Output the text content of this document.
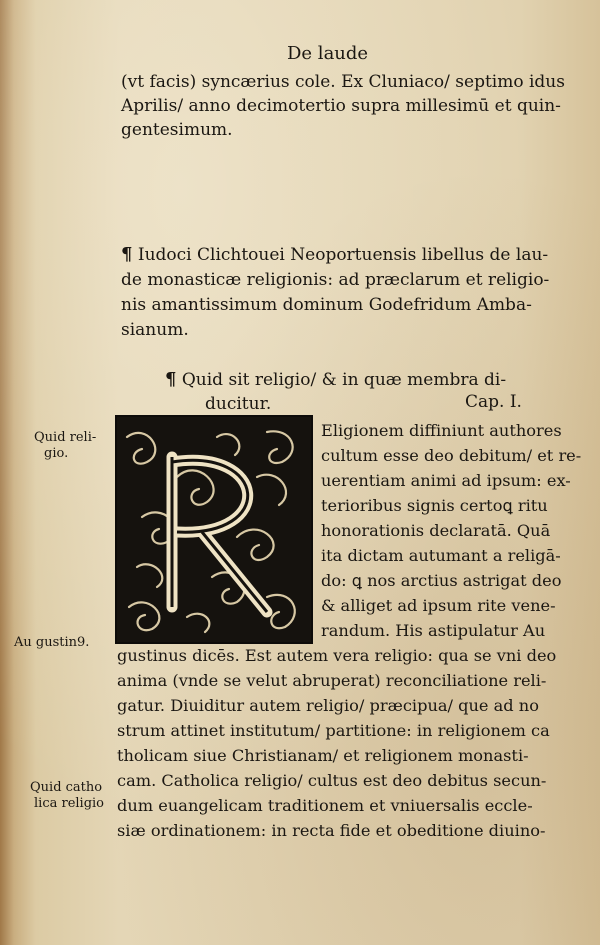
De laude
(vt facis) syncærius cole. Ex Cluniaco/ septimo idus
Aprilis/ anno decimotertio supra millesimū et quin-
gentesimum.
¶ Iudoci Clichtouei Neoportuensis libellus de lau-
de monasticæ religionis: ad præclarum et religio-
nis amantissimum dominum Godefridum Amba-
sianum.
¶ Quid sit religio/ & in quæ membra di-
ducitur.	Cap. I.
Eligionem diffiniunt authores
cultum esse deo debitum/ et re-
uerentiam animi ad ipsum: ex-
terioribus signis certoꝗ ritu
honorationis declaratā. Quā
ita dictam autumant a religā-
do: ꝗ nos arctius astrigat deo
& alliget ad ipsum rite vene-
randum. His astipulatur Au
gustinus dicēs. Est autem vera religio: qua se vni deo
anima (vnde se velut abruperat) reconciliatione reli-
gatur. Diuiditur autem religio/ præcipua/ que ad no
strum attinet institutum/ partitione: in religionem ca
tholicam siue Christianam/ et religionem monasti-
cam. Catholica religio/ cultus est deo debitus secun-
dum euangelicam traditionem et vniuersalis eccle-
siæ ordinationem: in recta fide et obeditione diuino-
Quid reli-
gio.
Au gustin9.
Quid catho
lica religio
